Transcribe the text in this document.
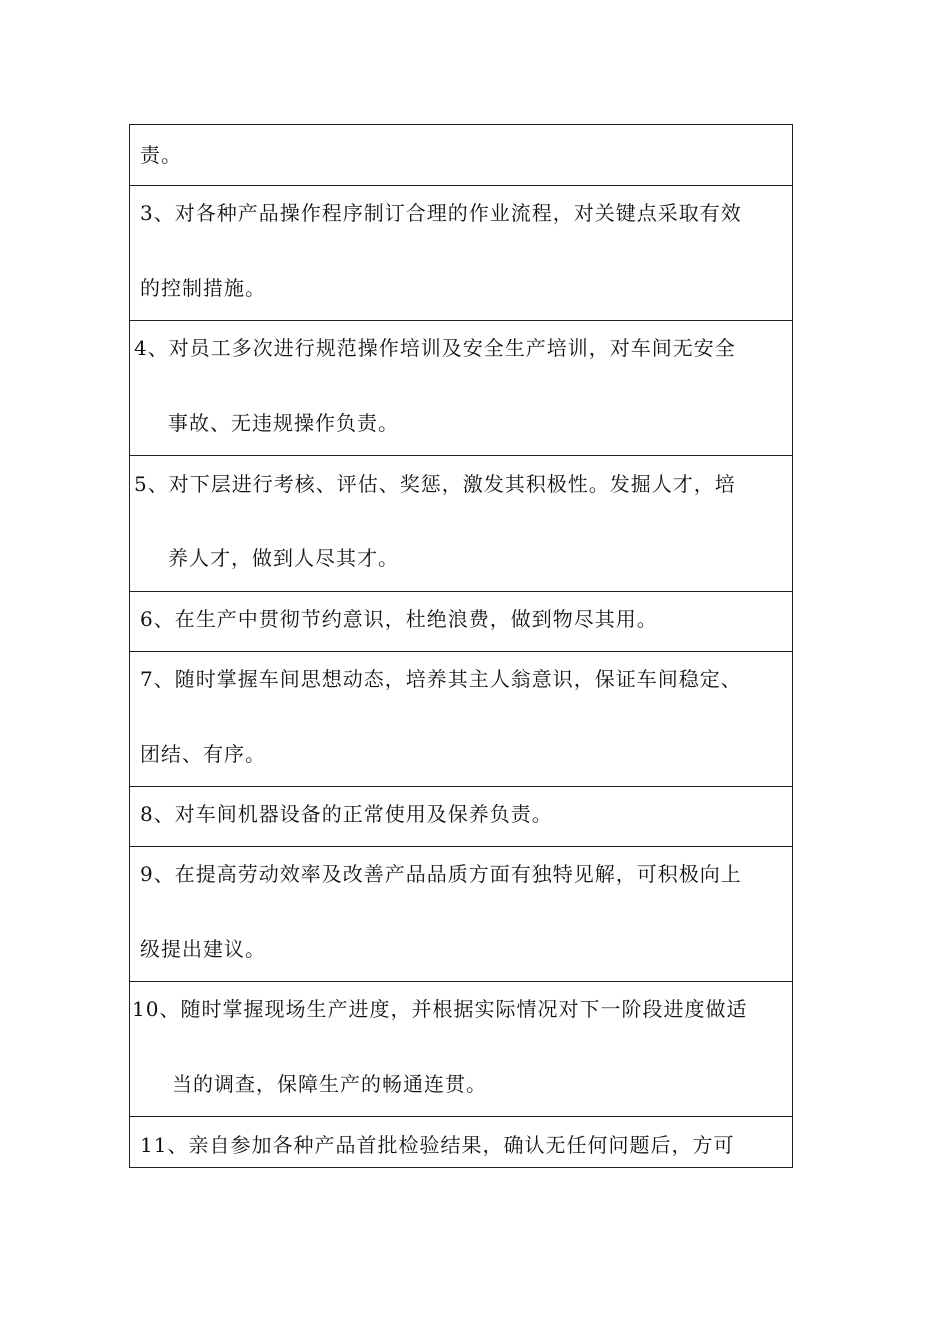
责。

3、对各种产品操作程序制订合理的作业流程，对关键点采取有效
的控制措施。

4、对员工多次进行规范操作培训及安全生产培训，对车间无安全
事故、无违规操作负责。

5、对下层进行考核、评估、奖惩，激发其积极性。发掘人才，培
养人才，做到人尽其才。

6、在生产中贯彻节约意识，杜绝浪费，做到物尽其用。

7、随时掌握车间思想动态，培养其主人翁意识，保证车间稳定、
团结、有序。

8、对车间机器设备的正常使用及保养负责。

9、在提高劳动效率及改善产品品质方面有独特见解，可积极向上
级提出建议。

10、随时掌握现场生产进度，并根据实际情况对下一阶段进度做适
当的调查，保障生产的畅通连贯。

11、亲自参加各种产品首批检验结果，确认无任何问题后，方可
